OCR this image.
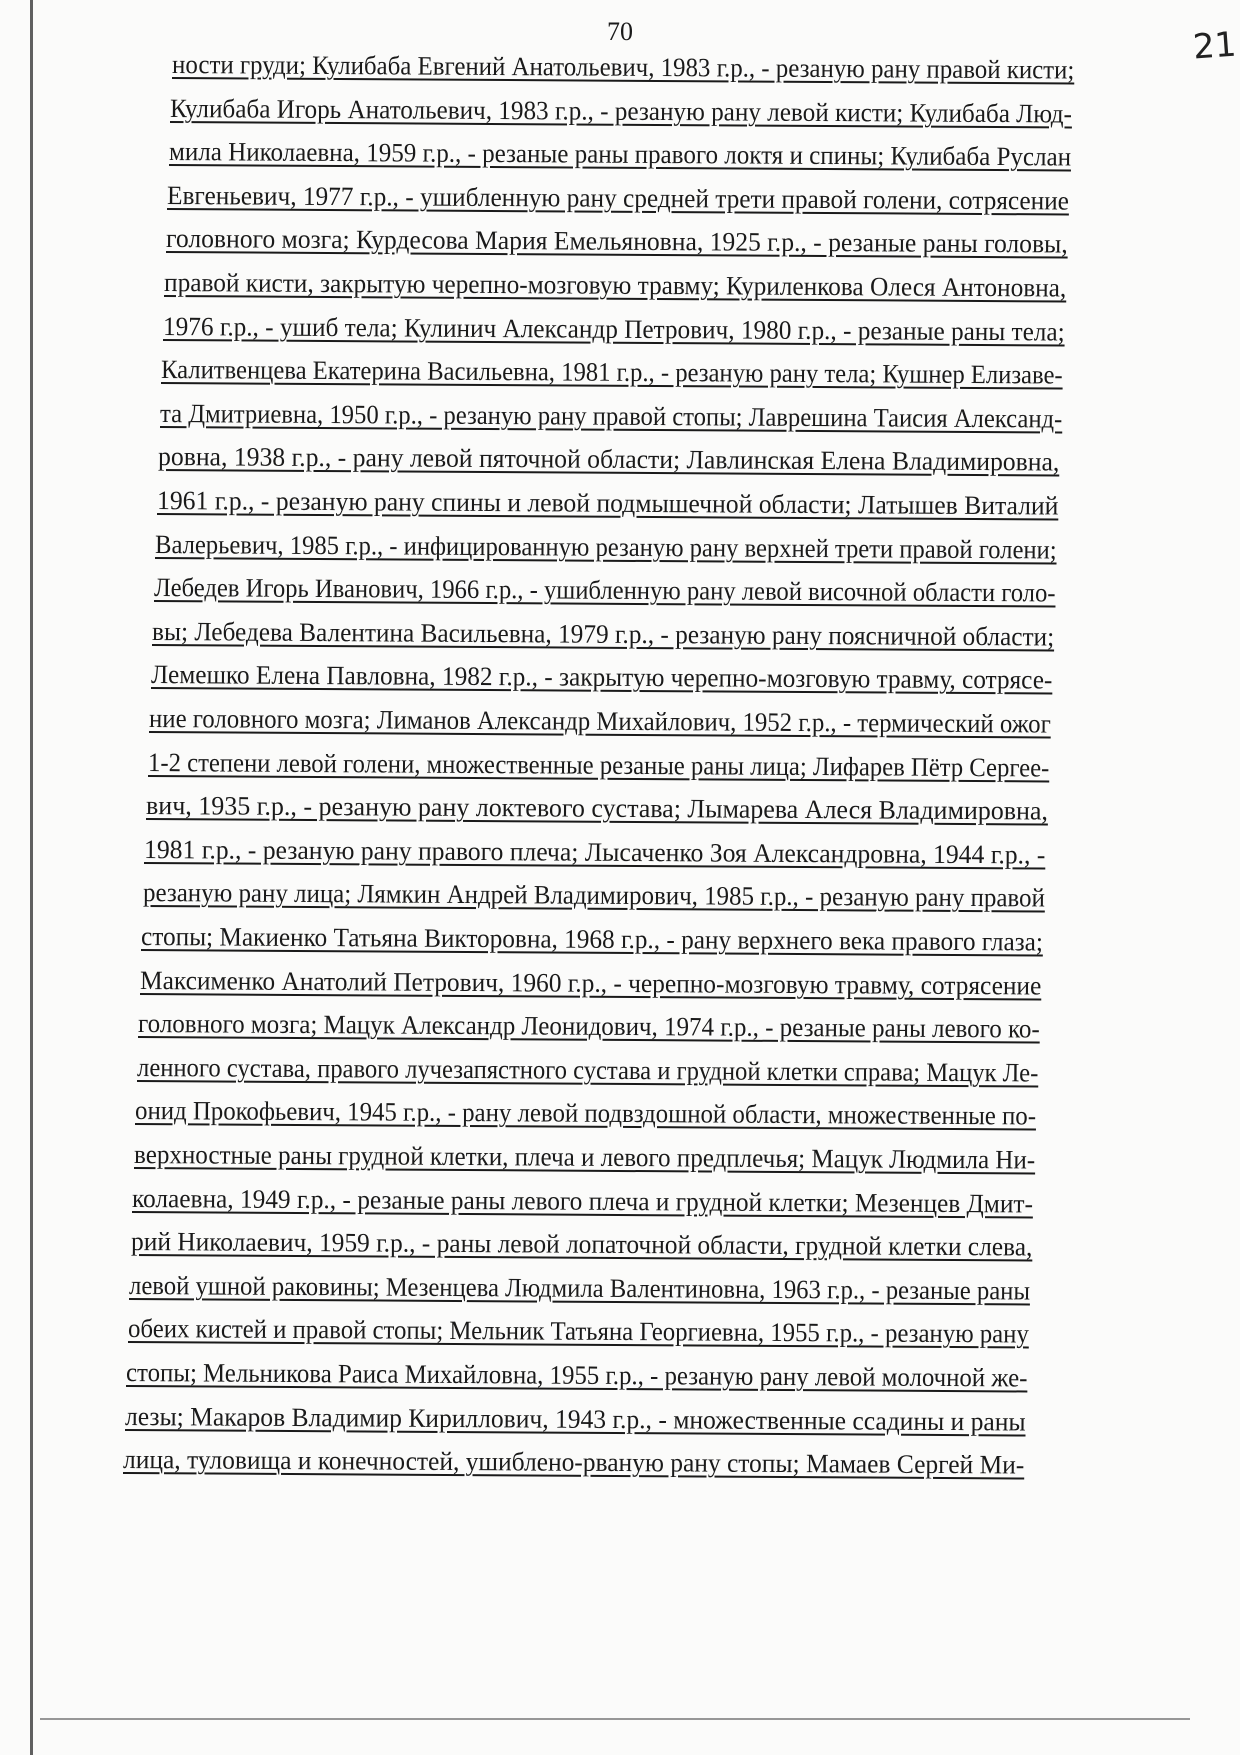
70	21
ности груди; Кулибаба Евгений Анатольевич, 1983 г.р., - резаную рану правой кисти;
Кулибаба Игорь Анатольевич, 1983 г.р., - резаную рану левой кисти; Кулибаба Люд-
мила Николаевна, 1959 г.р., - резаные раны правого локтя и спины; Кулибаба Руслан
Евгеньевич, 1977 г.р., - ушибленную рану средней трети правой голени, сотрясение
головного мозга; Курдесова Мария Емельяновна, 1925 г.р., - резаные раны головы,
правой кисти, закрытую черепно-мозговую травму; Куриленкова Олеся Антоновна,
1976 г.р., - ушиб тела; Кулинич Александр Петрович, 1980 г.р., - резаные раны тела;
Калитвенцева Екатерина Васильевна, 1981 г.р., - резаную рану тела; Кушнер Елизаве-
та Дмитриевна, 1950 г.р., - резаную рану правой стопы; Лаврешина Таисия Александ-
ровна, 1938 г.р., - рану левой пяточной области; Лавлинская Елена Владимировна,
1961 г.р., - резаную рану спины и левой подмышечной области; Латышев Виталий
Валерьевич, 1985 г.р., - инфицированную резаную рану верхней трети правой голени;
Лебедев Игорь Иванович, 1966 г.р., - ушибленную рану левой височной области голо-
вы; Лебедева Валентина Васильевна, 1979 г.р., - резаную рану поясничной области;
Лемешко Елена Павловна, 1982 г.р., - закрытую черепно-мозговую травму, сотрясе-
ние головного мозга; Лиманов Александр Михайлович, 1952 г.р., - термический ожог
1-2 степени левой голени, множественные резаные раны лица; Лифарев Пётр Сергее-
вич, 1935 г.р., - резаную рану локтевого сустава; Лымарева Алеся Владимировна,
1981 г.р., - резаную рану правого плеча; Лысаченко Зоя Александровна, 1944 г.р., -
резаную рану лица; Лямкин Андрей Владимирович, 1985 г.р., - резаную рану правой
стопы; Макиенко Татьяна Викторовна, 1968 г.р., - рану верхнего века правого глаза;
Максименко Анатолий Петрович, 1960 г.р., - черепно-мозговую травму, сотрясение
головного мозга; Мацук Александр Леонидович, 1974 г.р., - резаные раны левого ко-
ленного сустава, правого лучезапястного сустава и грудной клетки справа; Мацук Ле-
онид Прокофьевич, 1945 г.р., - рану левой подвздошной области, множественные по-
верхностные раны грудной клетки, плеча и левого предплечья; Мацук Людмила Ни-
колаевна, 1949 г.р., - резаные раны левого плеча и грудной клетки; Мезенцев Дмит-
рий Николаевич, 1959 г.р., - раны левой лопаточной области, грудной клетки слева,
левой ушной раковины; Мезенцева Людмила Валентиновна, 1963 г.р., - резаные раны
обеих кистей и правой стопы; Мельник Татьяна Георгиевна, 1955 г.р., - резаную рану
стопы; Мельникова Раиса Михайловна, 1955 г.р., - резаную рану левой молочной же-
лезы; Макаров Владимир Кириллович, 1943 г.р., - множественные ссадины и раны
лица, туловища и конечностей, ушиблено-рваную рану стопы; Мамаев Сергей Ми-
